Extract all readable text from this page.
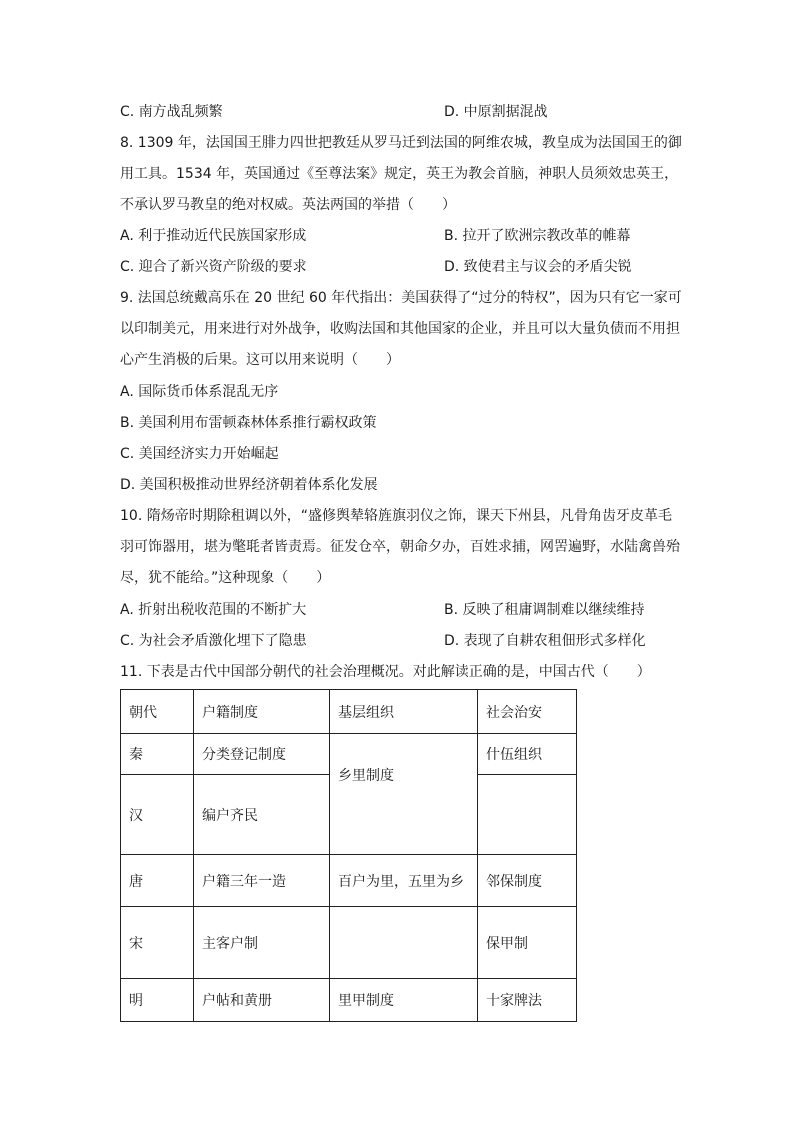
C. 南方战乱频繁	D. 中原割据混战
8. 1309 年，法国国王腓力四世把教廷从罗马迁到法国的阿维农城，教皇成为法国国王的御
用工具。1534 年，英国通过《至尊法案》规定，英王为教会首脑，神职人员须效忠英王，
不承认罗马教皇的绝对权威。英法两国的举措（　　）
A. 利于推动近代民族国家形成	B. 拉开了欧洲宗教改革的帷幕
C. 迎合了新兴资产阶级的要求	D. 致使君主与议会的矛盾尖锐
9. 法国总统戴高乐在 20 世纪 60 年代指出：美国获得了“过分的特权”，因为只有它一家可
以印制美元，用来进行对外战争，收购法国和其他国家的企业，并且可以大量负债而不用担
心产生消极的后果。这可以用来说明（　　）
A. 国际货币体系混乱无序
B. 美国利用布雷顿森林体系推行霸权政策
C. 美国经济实力开始崛起
D. 美国积极推动世界经济朝着体系化发展
10. 隋炀帝时期除租调以外，“盛修舆辇辂旌旗羽仪之饰，课天下州县，凡骨角齿牙皮革毛
羽可饰器用，堪为氅毦者皆责焉。征发仓卒，朝命夕办，百姓求捕，网罟遍野，水陆禽兽殆
尽，犹不能给。”这种现象（　　）
A. 折射出税收范围的不断扩大	B. 反映了租庸调制难以继续维持
C. 为社会矛盾激化埋下了隐患	D. 表现了自耕农租佃形式多样化
11. 下表是古代中国部分朝代的社会治理概况。对此解读正确的是，中国古代（　　）
朝代	户籍制度	基层组织	社会治安
秦	分类登记制度	乡里制度	什伍组织
汉	编户齐民		
唐	户籍三年一造	百户为里，五里为乡	邻保制度
宋	主客户制		保甲制
明	户帖和黄册	里甲制度	十家牌法
